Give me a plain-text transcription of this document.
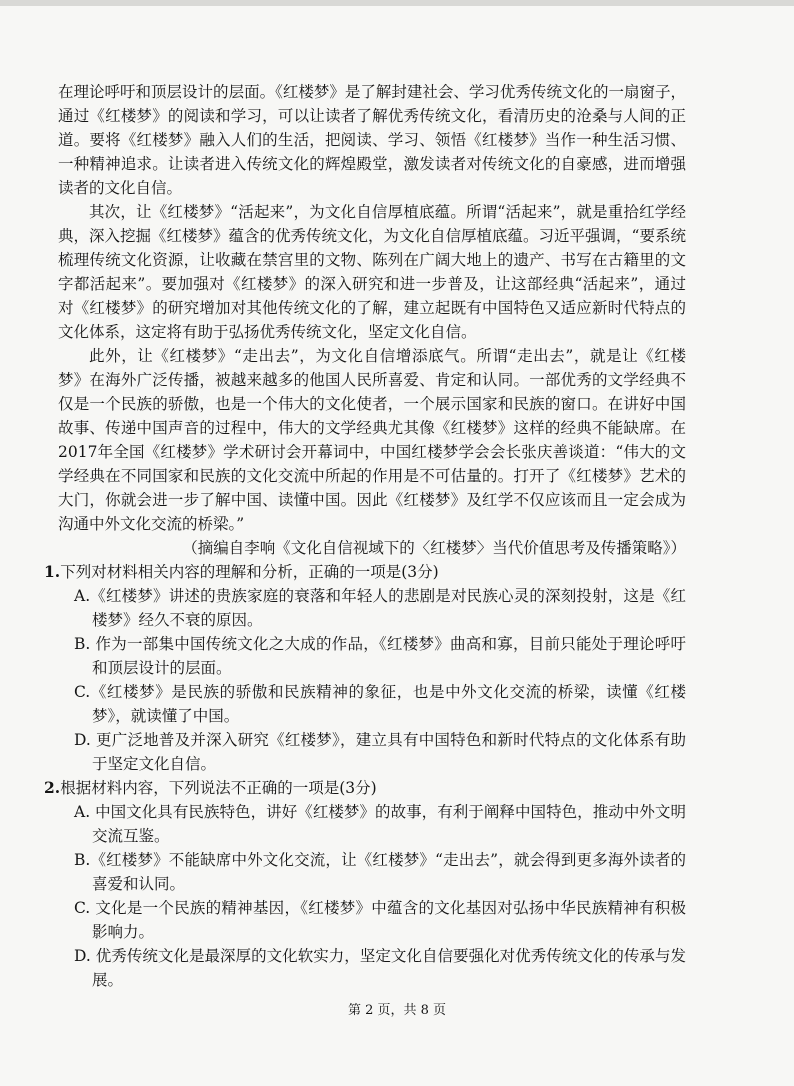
在理论呼吁和顶层设计的层面。《红楼梦》是了解封建社会、学习优秀传统文化的一扇窗子，通过《红楼梦》的阅读和学习，可以让读者了解优秀传统文化，看清历史的沧桑与人间的正道。要将《红楼梦》融入人们的生活，把阅读、学习、领悟《红楼梦》当作一种生活习惯、一种精神追求。让读者进入传统文化的辉煌殿堂，激发读者对传统文化的自豪感，进而增强读者的文化自信。

其次，让《红楼梦》“活起来”，为文化自信厚植底蕴。所谓“活起来”，就是重拾红学经典，深入挖掘《红楼梦》蕴含的优秀传统文化，为文化自信厚植底蕴。习近平强调，“要系统梳理传统文化资源，让收藏在禁宫里的文物、陈列在广阔大地上的遗产、书写在古籍里的文字都活起来”。要加强对《红楼梦》的深入研究和进一步普及，让这部经典“活起来”，通过对《红楼梦》的研究增加对其他传统文化的了解，建立起既有中国特色又适应新时代特点的文化体系，这定将有助于弘扬优秀传统文化，坚定文化自信。

此外，让《红楼梦》“走出去”，为文化自信增添底气。所谓“走出去”，就是让《红楼梦》在海外广泛传播，被越来越多的他国人民所喜爱、肯定和认同。一部优秀的文学经典不仅是一个民族的骄傲，也是一个伟大的文化使者，一个展示国家和民族的窗口。在讲好中国故事、传递中国声音的过程中，伟大的文学经典尤其像《红楼梦》这样的经典不能缺席。在2017年全国《红楼梦》学术研讨会开幕词中，中国红楼梦学会会长张庆善谈道：“伟大的文学经典在不同国家和民族的文化交流中所起的作用是不可估量的。打开了《红楼梦》艺术的大门，你就会进一步了解中国、读懂中国。因此《红楼梦》及红学不仅应该而且一定会成为沟通中外文化交流的桥梁。”

（摘编自李响《文化自信视域下的〈红楼梦〉当代价值思考及传播策略》）

1.下列对材料相关内容的理解和分析，正确的一项是(3分)

A.《红楼梦》讲述的贵族家庭的衰落和年轻人的悲剧是对民族心灵的深刻投射，这是《红楼梦》经久不衰的原因。

B. 作为一部集中国传统文化之大成的作品，《红楼梦》曲高和寡，目前只能处于理论呼吁和顶层设计的层面。

C.《红楼梦》是民族的骄傲和民族精神的象征，也是中外文化交流的桥梁，读懂《红楼梦》，就读懂了中国。

D. 更广泛地普及并深入研究《红楼梦》，建立具有中国特色和新时代特点的文化体系有助于坚定文化自信。

2.根据材料内容，下列说法不正确的一项是(3分)

A. 中国文化具有民族特色，讲好《红楼梦》的故事，有利于阐释中国特色，推动中外文明交流互鉴。

B.《红楼梦》不能缺席中外文化交流，让《红楼梦》“走出去”，就会得到更多海外读者的喜爱和认同。

C. 文化是一个民族的精神基因，《红楼梦》中蕴含的文化基因对弘扬中华民族精神有积极影响力。

D. 优秀传统文化是最深厚的文化软实力，坚定文化自信要强化对优秀传统文化的传承与发展。

第 2 页，共 8 页
